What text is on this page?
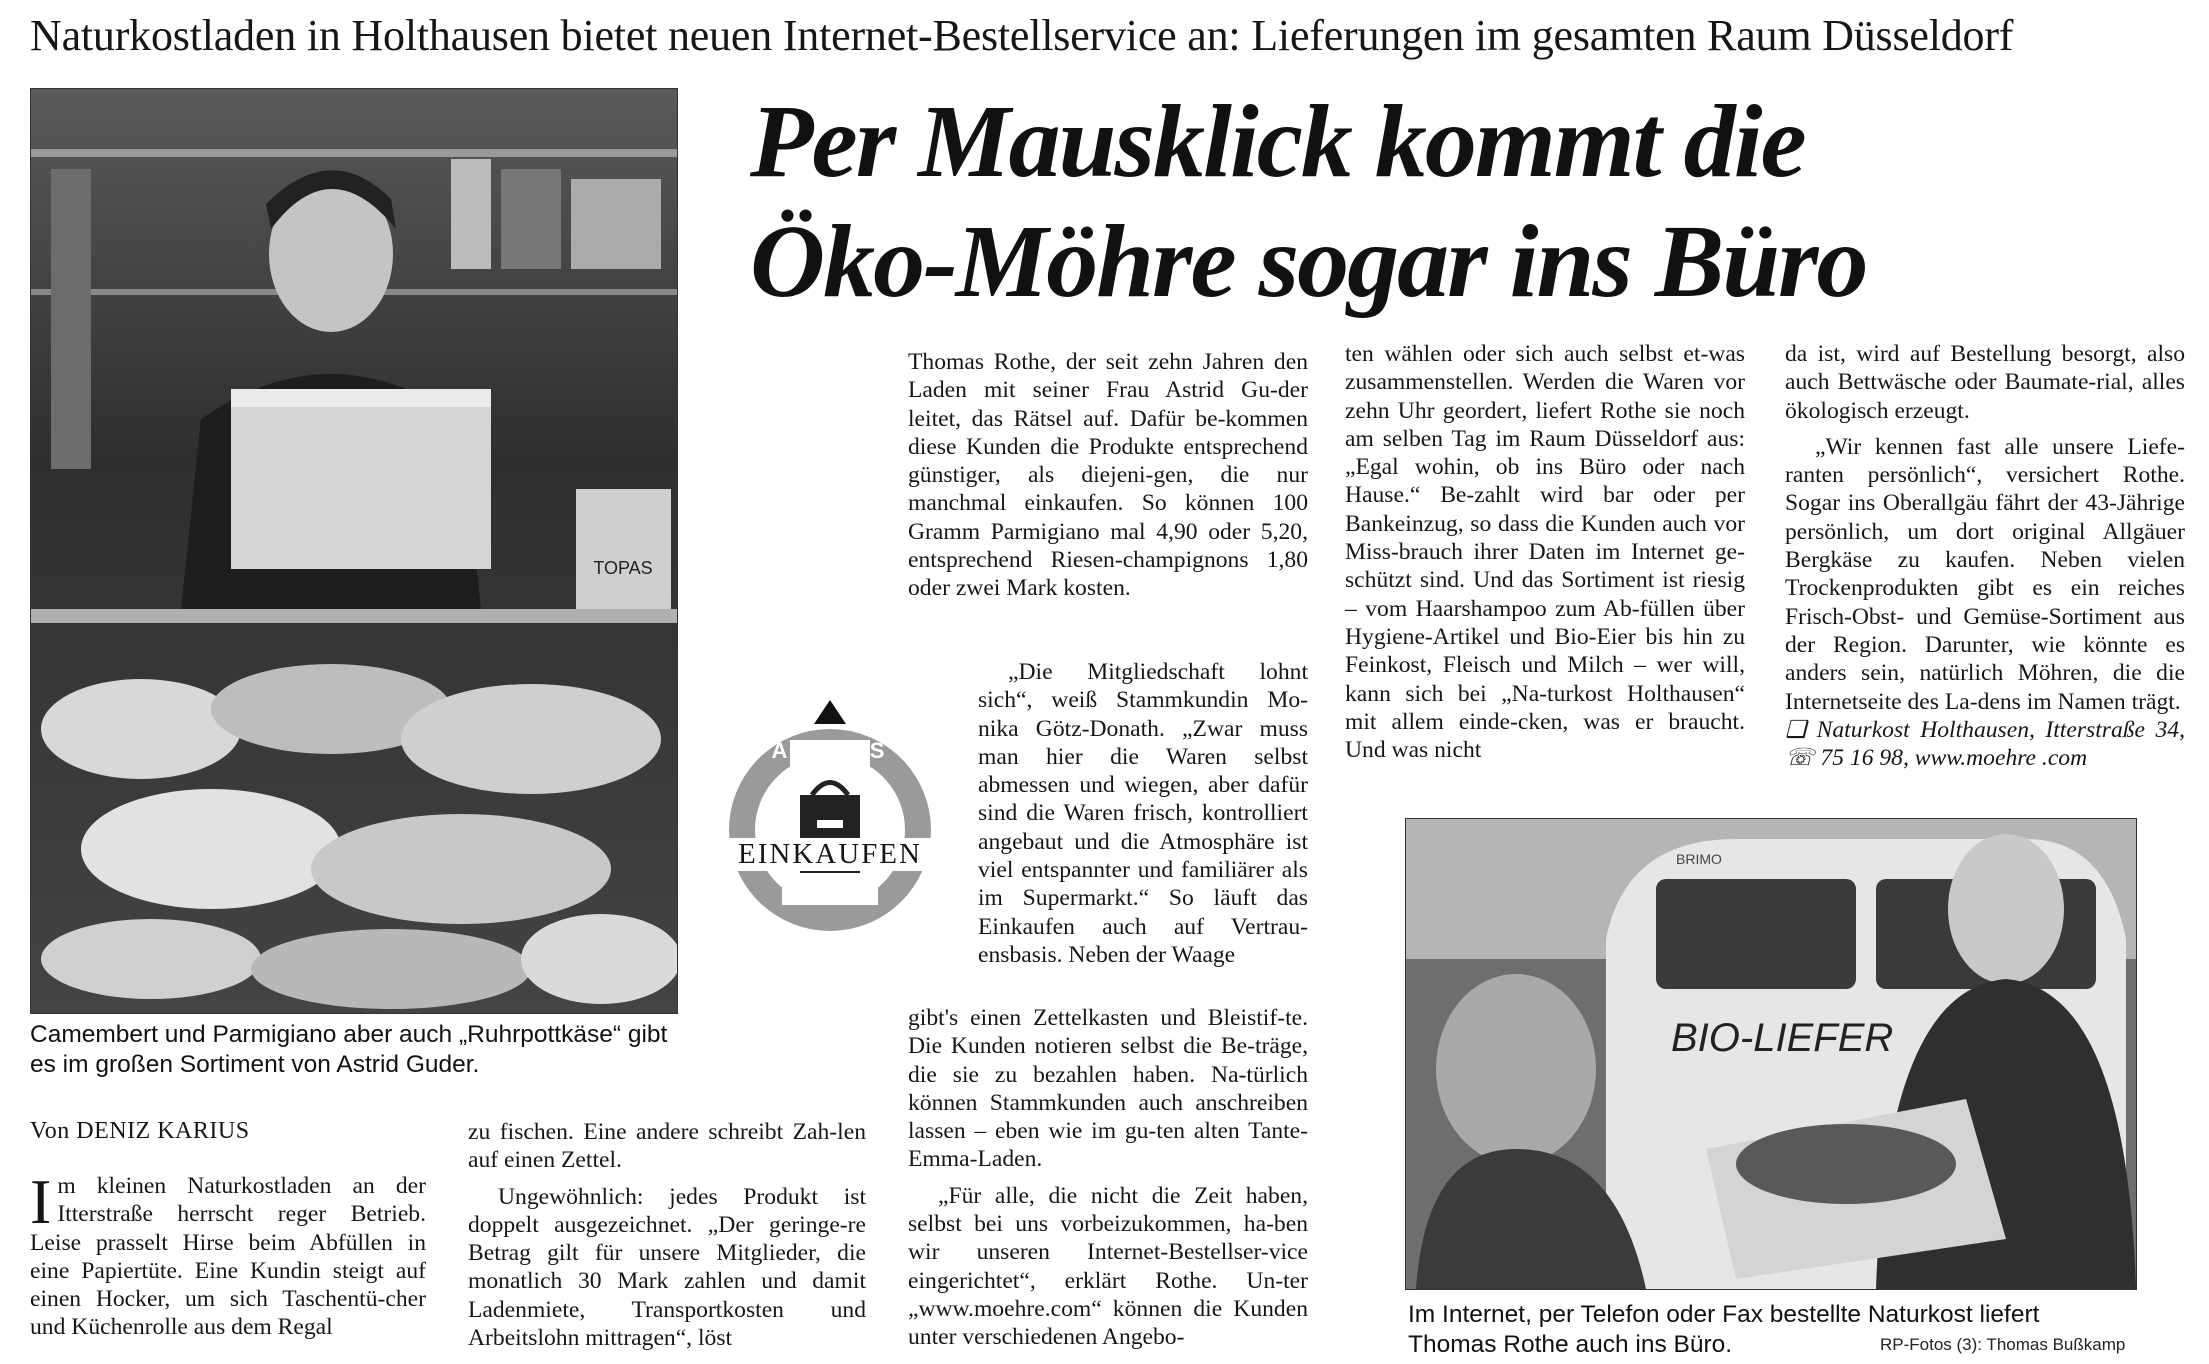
Naturkostladen in Holthausen bietet neuen Internet-Bestellservice an: Lieferungen im gesamten Raum Düsseldorf
TOPAS
Camembert und Parmigiano aber auch „Ruhrpottkäse“ gibt es im großen Sortiment von Astrid Guder.
Per Mausklick kommt die
Öko-Möhre sogar ins Büro
ANDERS
EINKAUFEN
Von DENIZ KARIUS

Im kleinen Naturkostladen an der Itterstraße herrscht reger Betrieb. Leise prasselt Hirse beim Abfüllen in eine Papiertüte. Eine Kundin steigt auf einen Hocker, um sich Taschentü-cher und Küchenrolle aus dem Regal

zu fischen. Eine andere schreibt Zah-len auf einen Zettel.

Ungewöhnlich: jedes Produkt ist doppelt ausgezeichnet. „Der geringe-re Betrag gilt für unsere Mitglieder, die monatlich 30 Mark zahlen und damit Ladenmiete, Transportkosten und Arbeitslohn mittragen“, löst

Thomas Rothe, der seit zehn Jahren den Laden mit seiner Frau Astrid Gu-der leitet, das Rätsel auf. Dafür be-kommen diese Kunden die Produkte entsprechend günstiger, als diejeni-gen, die nur manchmal einkaufen. So können 100 Gramm Parmigiano mal 4,90 oder 5,20, entsprechend Riesen-champignons 1,80 oder zwei Mark kosten.

„Die Mitgliedschaft lohnt sich“, weiß Stammkundin Mo-nika Götz-Donath. „Zwar muss man hier die Waren selbst abmessen und wiegen, aber dafür sind die Waren frisch, kontrolliert angebaut und die Atmosphäre ist viel entspannter und familiärer als im Supermarkt.“ So läuft das Einkaufen auch auf Vertrau-ensbasis. Neben der Waage

gibt's einen Zettelkasten und Bleistif-te. Die Kunden notieren selbst die Be-träge, die sie zu bezahlen haben. Na-türlich können Stammkunden auch anschreiben lassen – eben wie im gu-ten alten Tante-Emma-Laden.

„Für alle, die nicht die Zeit haben, selbst bei uns vorbeizukommen, ha-ben wir unseren Internet-Bestellser-vice eingerichtet“, erklärt Rothe. Un-ter „www.moehre.com“ können die Kunden unter verschiedenen Angebo-

ten wählen oder sich auch selbst et-was zusammenstellen. Werden die Waren vor zehn Uhr geordert, liefert Rothe sie noch am selben Tag im Raum Düsseldorf aus: „Egal wohin, ob ins Büro oder nach Hause.“ Be-zahlt wird bar oder per Bankeinzug, so dass die Kunden auch vor Miss-brauch ihrer Daten im Internet ge-schützt sind. Und das Sortiment ist riesig – vom Haarshampoo zum Ab-füllen über Hygiene-Artikel und Bio-Eier bis hin zu Feinkost, Fleisch und Milch – wer will, kann sich bei „Na-turkost Holthausen“ mit allem einde-cken, was er braucht. Und was nicht

da ist, wird auf Bestellung besorgt, also auch Bettwäsche oder Baumate-rial, alles ökologisch erzeugt.

„Wir kennen fast alle unsere Liefe-ranten persönlich“, versichert Rothe. Sogar ins Oberallgäu fährt der 43-Jährige persönlich, um dort original Allgäuer Bergkäse zu kaufen. Neben vielen Trockenprodukten gibt es ein reiches Frisch-Obst- und Gemüse-Sortiment aus der Region. Darunter, wie könnte es anders sein, natürlich Möhren, die die Internetseite des La-dens im Namen trägt.

❑ Naturkost Holthausen, Itterstraße 34, ☏ 75 16 98, www.moehre .com

BRIMO
BIO-LIEFER
Im Internet, per Telefon oder Fax bestellte Naturkost liefert Thomas Rothe auch ins Büro.	RP-Fotos (3): Thomas Bußkamp
